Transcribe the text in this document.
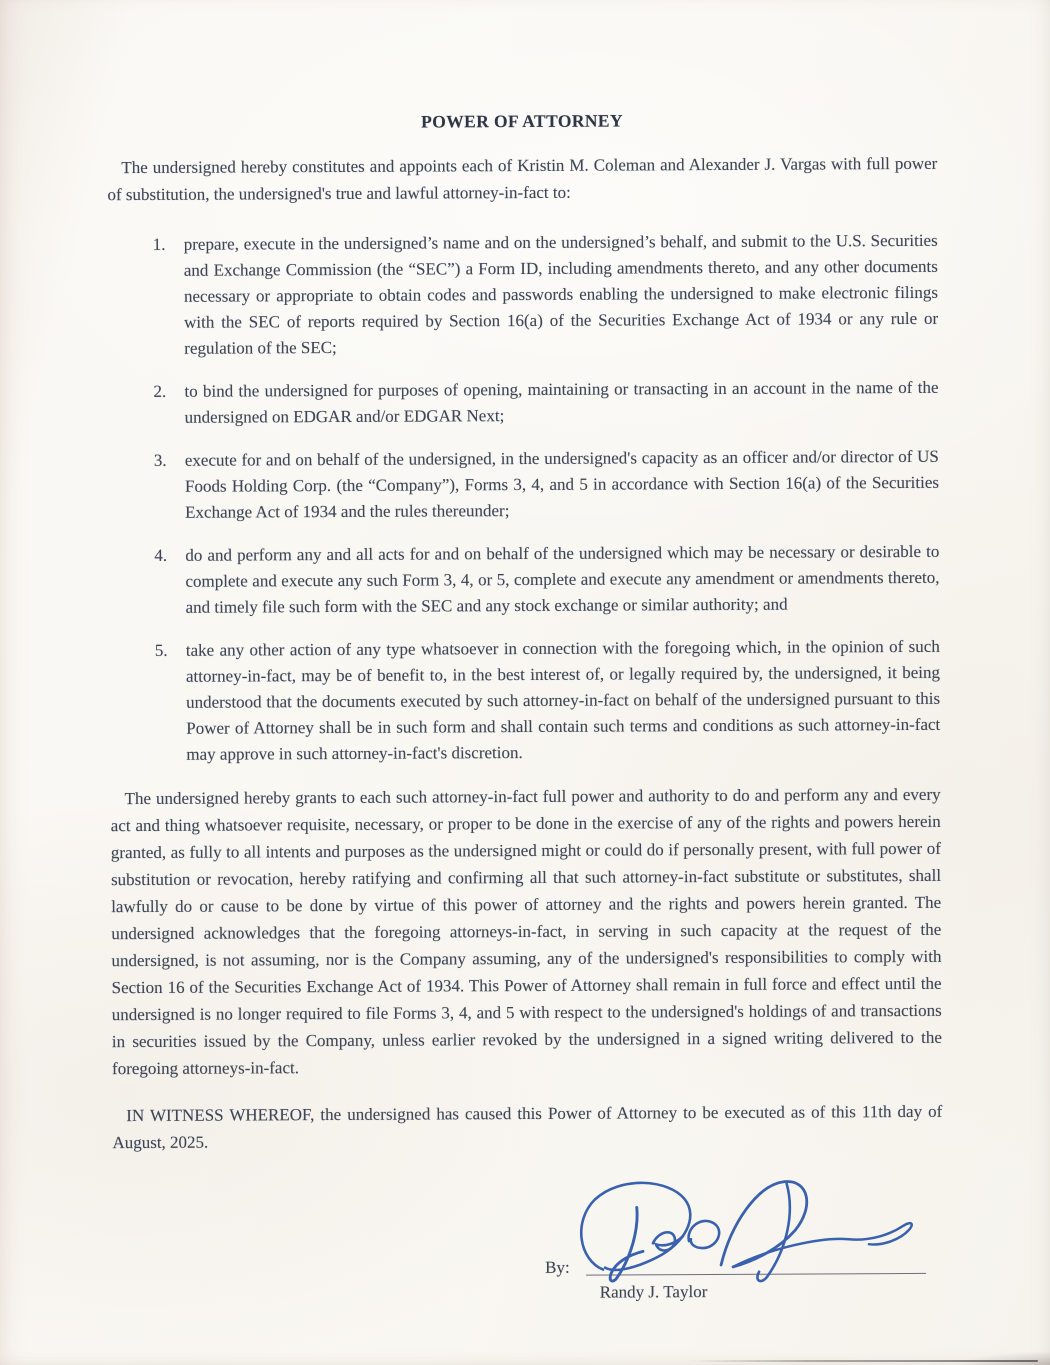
POWER OF ATTORNEY

The undersigned hereby constitutes and appoints each of Kristin M. Coleman and Alexander J. Vargas with full power of substitution, the undersigned's true and lawful attorney-in-fact to:

1.	prepare, execute in the undersigned’s name and on the undersigned’s behalf, and submit to the U.S. Securities and Exchange Commission (the “SEC”) a Form ID, including amendments thereto, and any other documents necessary or appropriate to obtain codes and passwords enabling the undersigned to make electronic filings with the SEC of reports required by Section 16(a) of the Securities Exchange Act of 1934 or any rule or regulation of the SEC;
2.	to bind the undersigned for purposes of opening, maintaining or transacting in an account in the name of the undersigned on EDGAR and/or EDGAR Next;
3.	execute for and on behalf of the undersigned, in the undersigned's capacity as an officer and/or director of US Foods Holding Corp. (the “Company”), Forms 3, 4, and 5 in accordance with Section 16(a) of the Securities Exchange Act of 1934 and the rules thereunder;
4.	do and perform any and all acts for and on behalf of the undersigned which may be necessary or desirable to complete and execute any such Form 3, 4, or 5, complete and execute any amendment or amendments thereto, and timely file such form with the SEC and any stock exchange or similar authority; and
5.	take any other action of any type whatsoever in connection with the foregoing which, in the opinion of such attorney-in-fact, may be of benefit to, in the best interest of, or legally required by, the undersigned, it being understood that the documents executed by such attorney-in-fact on behalf of the undersigned pursuant to this Power of Attorney shall be in such form and shall contain such terms and conditions as such attorney-in-fact may approve in such attorney-in-fact's discretion.

The undersigned hereby grants to each such attorney-in-fact full power and authority to do and perform any and every act and thing whatsoever requisite, necessary, or proper to be done in the exercise of any of the rights and powers herein granted, as fully to all intents and purposes as the undersigned might or could do if personally present, with full power of substitution or revocation, hereby ratifying and confirming all that such attorney-in-fact substitute or substitutes, shall lawfully do or cause to be done by virtue of this power of attorney and the rights and powers herein granted. The undersigned acknowledges that the foregoing attorneys-in-fact, in serving in such capacity at the request of the undersigned, is not assuming, nor is the Company assuming, any of the undersigned's responsibilities to comply with Section 16 of the Securities Exchange Act of 1934. This Power of Attorney shall remain in full force and effect until the undersigned is no longer required to file Forms 3, 4, and 5 with respect to the undersigned's holdings of and transactions in securities issued by the Company, unless earlier revoked by the undersigned in a signed writing delivered to the foregoing attorneys-in-fact.

IN WITNESS WHEREOF, the undersigned has caused this Power of Attorney to be executed as of this 11th day of August, 2025.

By:
Randy J. Taylor
